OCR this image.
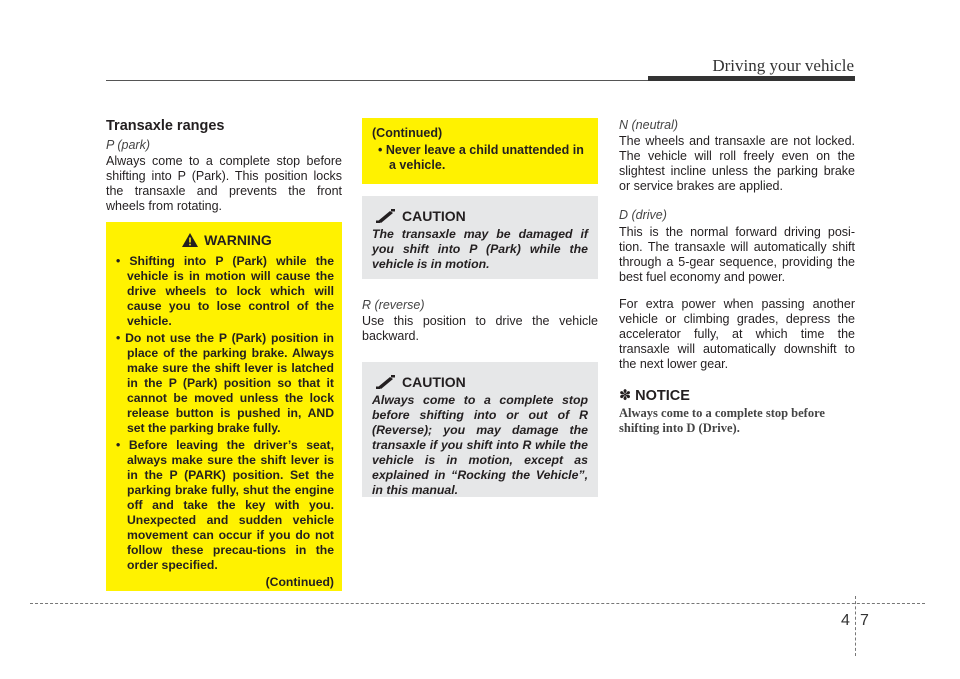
Driving your vehicle
Transaxle ranges
P (park)

Always come to a complete stop before shifting into P (Park). This position locks the transaxle and prevents the front wheels from rotating.

WARNING
• Shifting into P (Park) while the vehicle is in motion will cause the drive wheels to lock which will cause you to lose control of the vehicle.
• Do not use the P (Park) position in place of the parking brake. Always make sure the shift lever is latched in the P (Park) position so that it cannot be moved unless the lock release button is pushed in, AND set the parking brake fully.
• Before leaving the driver’s seat, always make sure the shift lever is in the P (PARK) position. Set the parking brake fully, shut the engine off and take the key with you. Unexpected and sudden vehicle movement can occur if you do not follow these precau-tions in the order specified.
(Continued)
(Continued)
• Never leave a child unattended in a vehicle.
CAUTION

The transaxle may be damaged if you shift into P (Park) while the vehicle is in motion.

R (reverse)

Use this position to drive the vehicle backward.

CAUTION

Always come to a complete stop before shifting into or out of R (Reverse); you may damage the transaxle if you shift into R while the vehicle is in motion, except as explained in “Rocking the Vehicle”, in this manual.

N (neutral)

The wheels and transaxle are not locked. The vehicle will roll freely even on the slightest incline unless the parking brake or service brakes are applied.

D (drive)

This is the normal forward driving posi-tion. The transaxle will automatically shift through a 5-gear sequence, providing the best fuel economy and power.

For extra power when passing another vehicle or climbing grades, depress the accelerator fully, at which time the transaxle will automatically downshift to the next lower gear.

✽ NOTICE
Always come to a complete stop before shifting into D (Drive).
4 7
